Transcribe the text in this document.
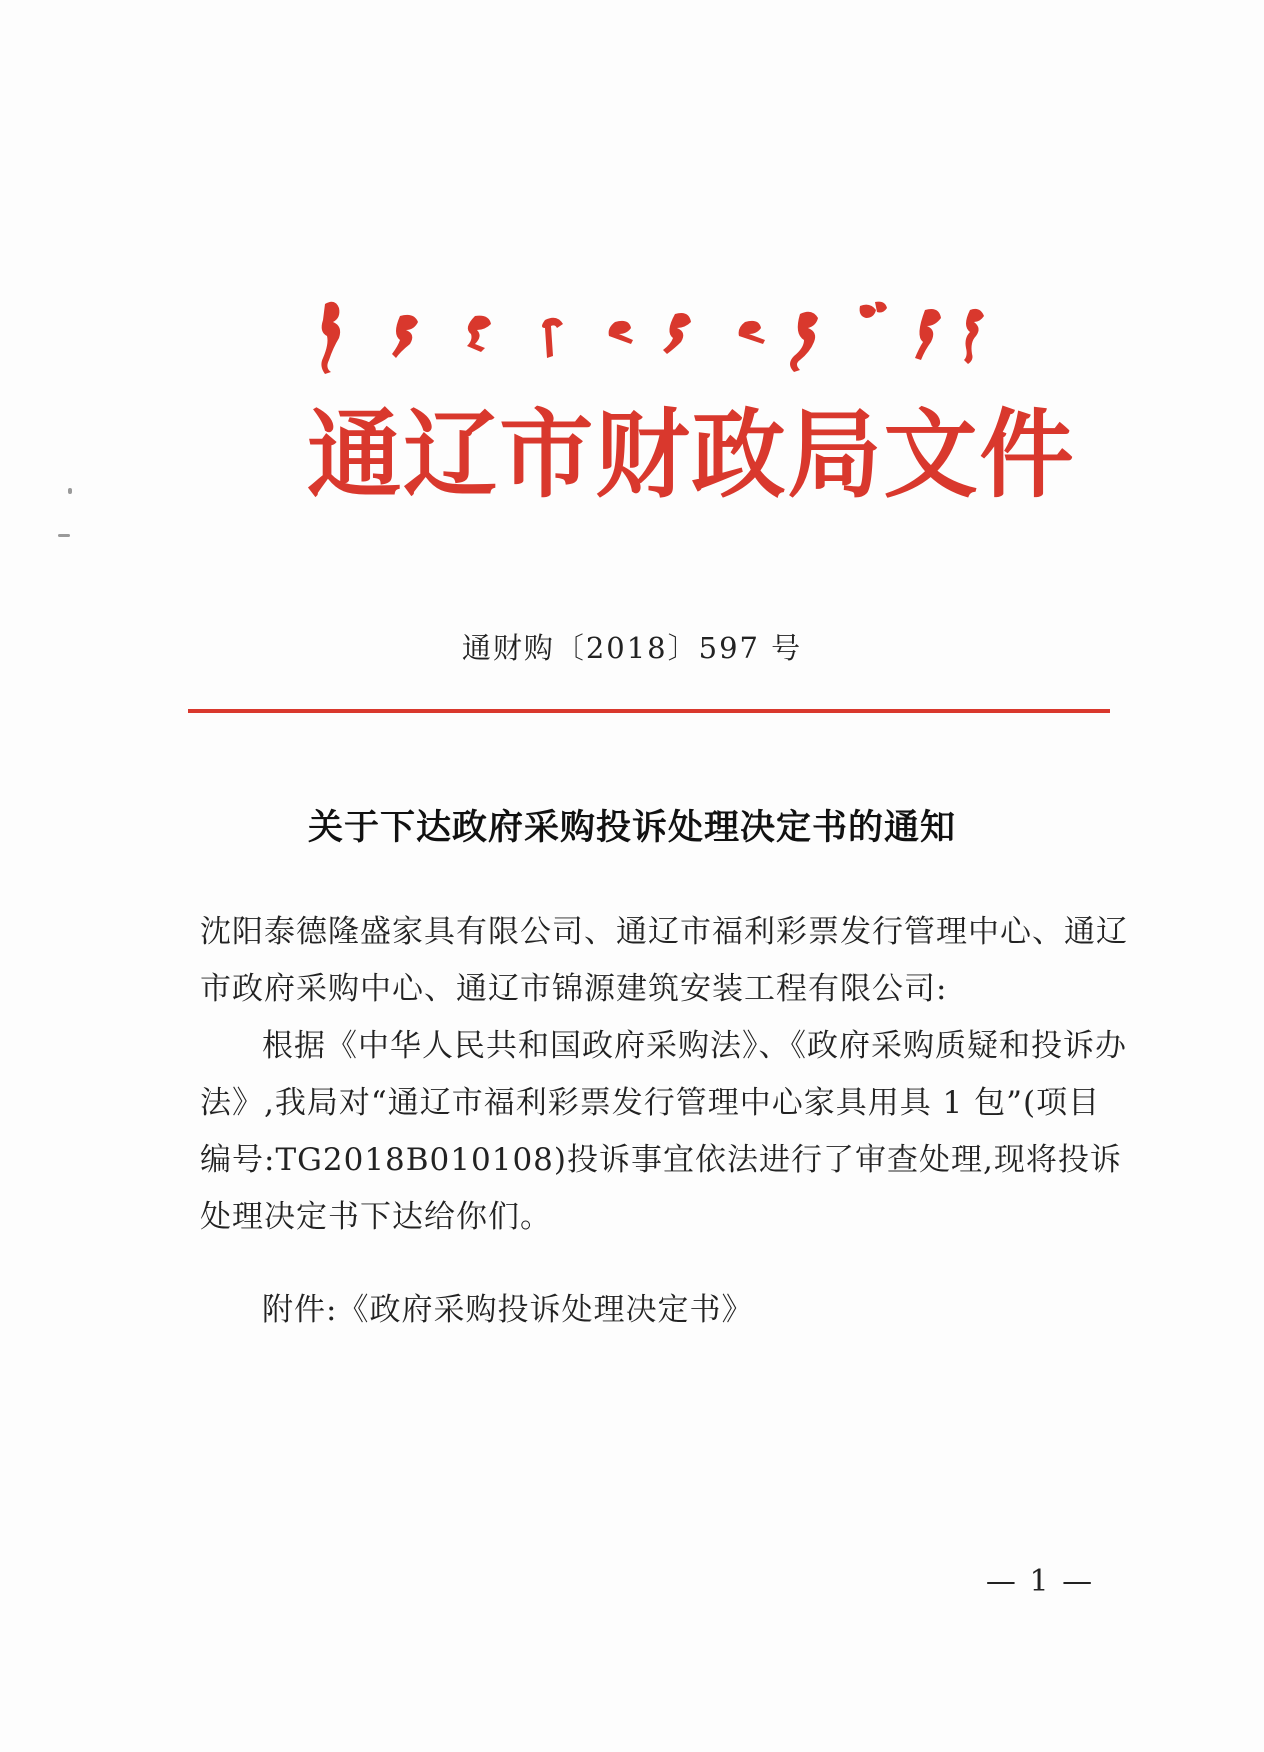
通辽市财政局文件
通财购〔2018〕597 号
关于下达政府采购投诉处理决定书的通知

沈阳泰德隆盛家具有限公司、通辽市福利彩票发行管理中心、通辽市政府采购中心、通辽市锦源建筑安装工程有限公司:

根据《中华人民共和国政府采购法》、《政府采购质疑和投诉办法》,我局对“通辽市福利彩票发行管理中心家具用具 1 包”(项目编号:TG2018B010108)投诉事宜依法进行了审查处理,现将投诉处理决定书下达给你们。

附件:《政府采购投诉处理决定书》

— 1 —
